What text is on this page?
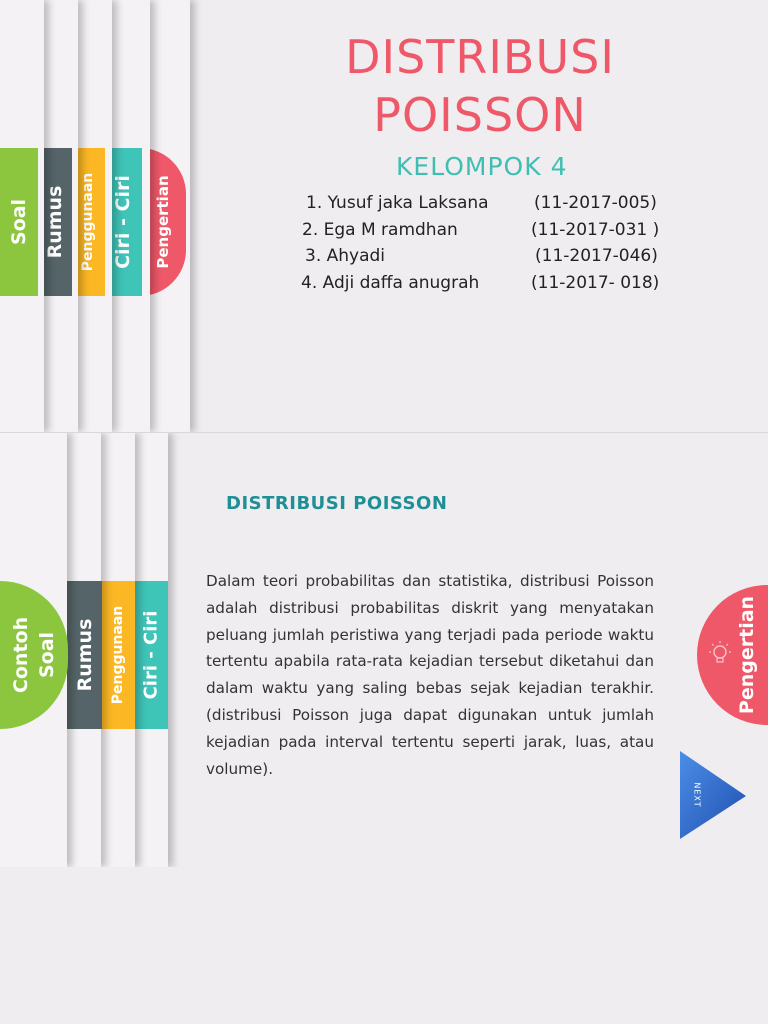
Pengertian
Ciri - Ciri
Penggunaan
Rumus
Soal
DISTRIBUSI
POISSON
KELOMPOK 4
1. Yusuf jaka Laksana	(11-2017-005)
2. Ega M ramdhan	(11-2017-031 )
3. Ahyadi	(11-2017-046)
4. Adji daffa anugrah	(11-2017- 018)
Ciri - Ciri
Penggunaan
Rumus
Contoh Soal
DISTRIBUSI POISSON
Pengertian
NEXT
Dalam teori probabilitas dan statistika, distribusi Poisson adalah distribusi probabilitas diskrit yang menyatakan peluang jumlah peristiwa yang terjadi pada periode waktu tertentu apabila rata-rata kejadian tersebut diketahui dan dalam waktu yang saling bebas sejak kejadian terakhir. (distribusi Poisson juga dapat digunakan untuk jumlah kejadian pada interval tertentu seperti jarak, luas, atau volume).
